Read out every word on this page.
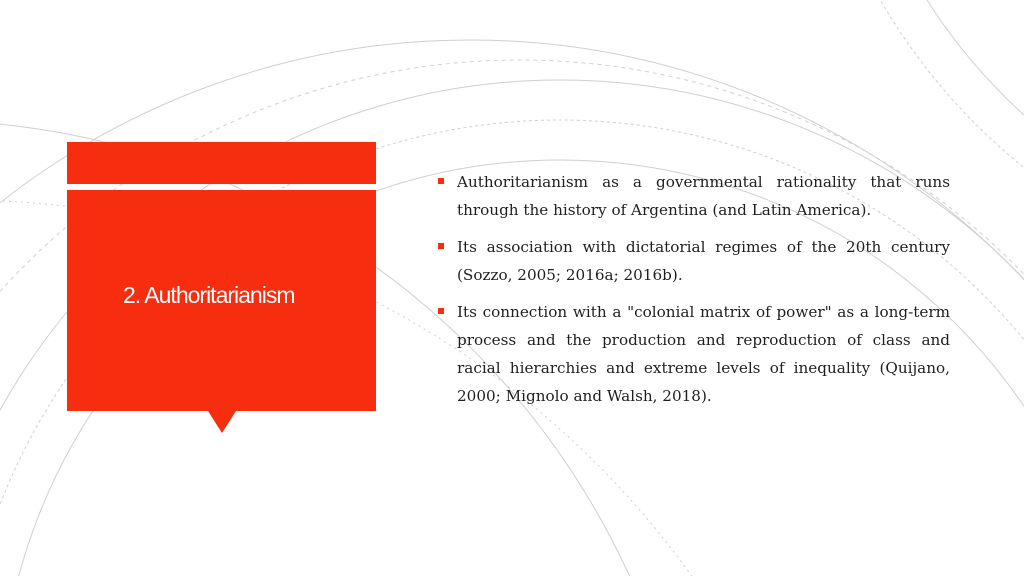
2. Authoritarianism
Authoritarianism as a governmental rationality that runs through the history of Argentina (and Latin America).
Its association with dictatorial regimes of the 20th century (Sozzo, 2005; 2016a; 2016b).
Its connection with a "colonial matrix of power" as a long-term process and the production and reproduction of class and racial hierarchies and extreme levels of inequality (Quijano, 2000; Mignolo and Walsh, 2018).
